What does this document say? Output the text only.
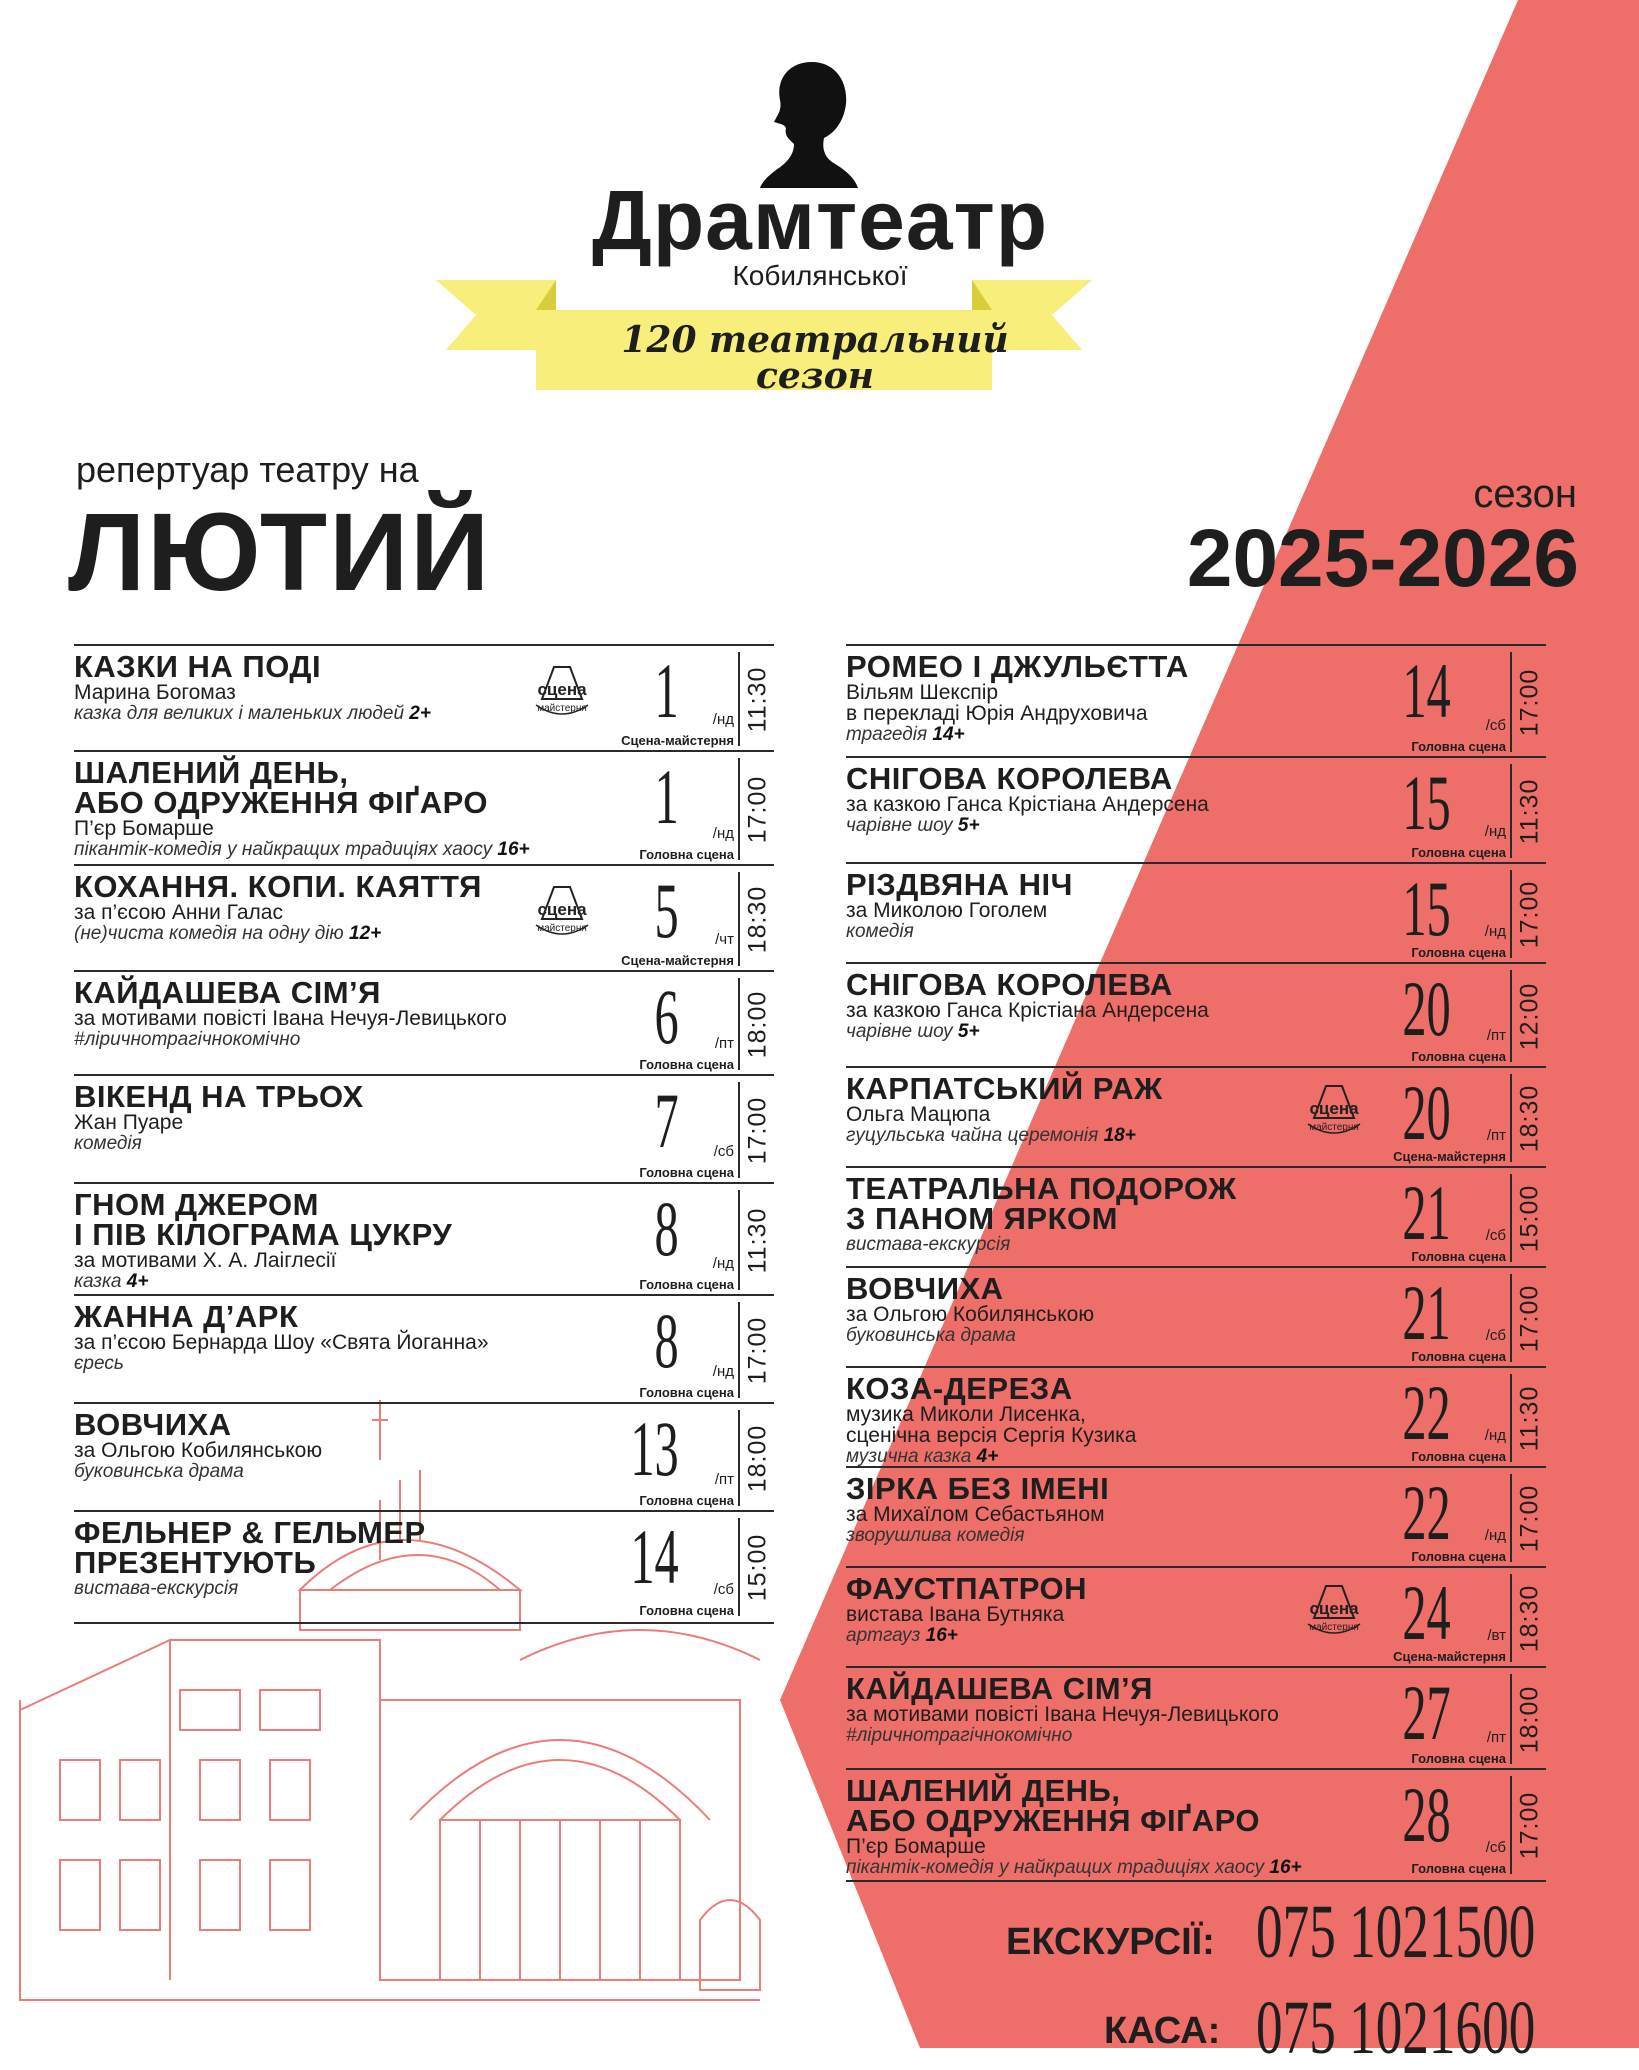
Драмтеатр
Кобилянської
120 театральний сезон
репертуар театру на
ЛЮТИЙ	сезон
2025-2026
КАЗКИ НА ПОДІ
Марина Богомаз
казка для великих і маленьких людей 2+
сцена
майстерня 1	/нд
Сцена-майстерня
11:30
ШАЛЕНИЙ ДЕНЬ,
АБО ОДРУЖЕННЯ ФІҐАРО
П’єр Бомарше
пікантік-комедія у найкращих традиціях хаосу 16+
1	/нд
Головна сцена
17:00
КОХАННЯ. КОПИ. КАЯТТЯ
за п’єсою Анни Галас
(не)чиста комедія на одну дію 12+
сцена
майстерня 5	/чт
Сцена-майстерня
18:30
КАЙДАШЕВА СІМ’Я
за мотивами повісті Івана Нечуя-Левицького
#ліричнотрагічнокомічно	6	/пт
Головна сцена
18:00
ВІКЕНД НА ТРЬОХ
Жан Пуаре
комедія	7	/сб
Головна сцена
17:00
ГНОМ ДЖЕРОМ
І ПІВ КІЛОГРАМА ЦУКРУ
за мотивами Х. А. Лаіглесії
казка 4+
8	/нд
Головна сцена
11:30
ЖАННА Д’АРК
за п’єсою Бернарда Шоу «Свята Йоганна»
єресь	8	/нд
Головна сцена
17:00
ВОВЧИХА
за Ольгою Кобилянською
буковинська драма	13	/пт
Головна сцена
18:00
ФЕЛЬНЕР & ГЕЛЬМЕР
ПРЕЗЕНТУЮТЬ
вистава-екскурсія	14	/сб
Головна сцена
15:00
РОМЕО І ДЖУЛЬЄТТА
Вільям Шекспір
в перекладі Юрія Андруховича
трагедія 14+
14	/сб
Головна сцена
17:00
СНІГОВА КОРОЛЕВА
за казкою Ганса Крістіана Андерсена
чарівне шоу 5+	15	/нд
Головна сцена
11:30
РІЗДВЯНА НІЧ
за Миколою Гоголем
комедія	15	/нд
Головна сцена
17:00
СНІГОВА КОРОЛЕВА
за казкою Ганса Крістіана Андерсена
чарівне шоу 5+	20	/пт
Головна сцена
12:00
КАРПАТСЬКИЙ РАЖ
Ольга Мацюпа
гуцульська чайна церемонія 18+
сцена
майстерня 20	/пт
Сцена-майстерня
18:30
ТЕАТРАЛЬНА ПОДОРОЖ
З ПАНОМ ЯРКОМ
вистава-екскурсія	21	/сб
Головна сцена
15:00
ВОВЧИХА
за Ольгою Кобилянською
буковинська драма	21	/сб
Головна сцена
17:00
КОЗА-ДЕРЕЗА
музика Миколи Лисенка,
сценічна версія Сергія Кузика
музична казка 4+
22	/нд
Головна сцена
11:30
ЗІРКА БЕЗ ІМЕНІ
за Михаїлом Себастьяном
зворушлива комедія	22	/нд
Головна сцена
17:00
ФАУСТПАТРОН
вистава Івана Бутняка
артгауз 16+
сцена
майстерня 24	/вт
Сцена-майстерня
18:30
КАЙДАШЕВА СІМ’Я
за мотивами повісті Івана Нечуя-Левицького
#ліричнотрагічнокомічно	27	/пт
Головна сцена
18:00
ШАЛЕНИЙ ДЕНЬ,
АБО ОДРУЖЕННЯ ФІҐАРО
П’єр Бомарше
пікантік-комедія у найкращих традиціях хаосу 16+
28	/сб
Головна сцена
17:00
ЕКСКУРСІЇ: 075 1021500
КАСА: 075 1021600
